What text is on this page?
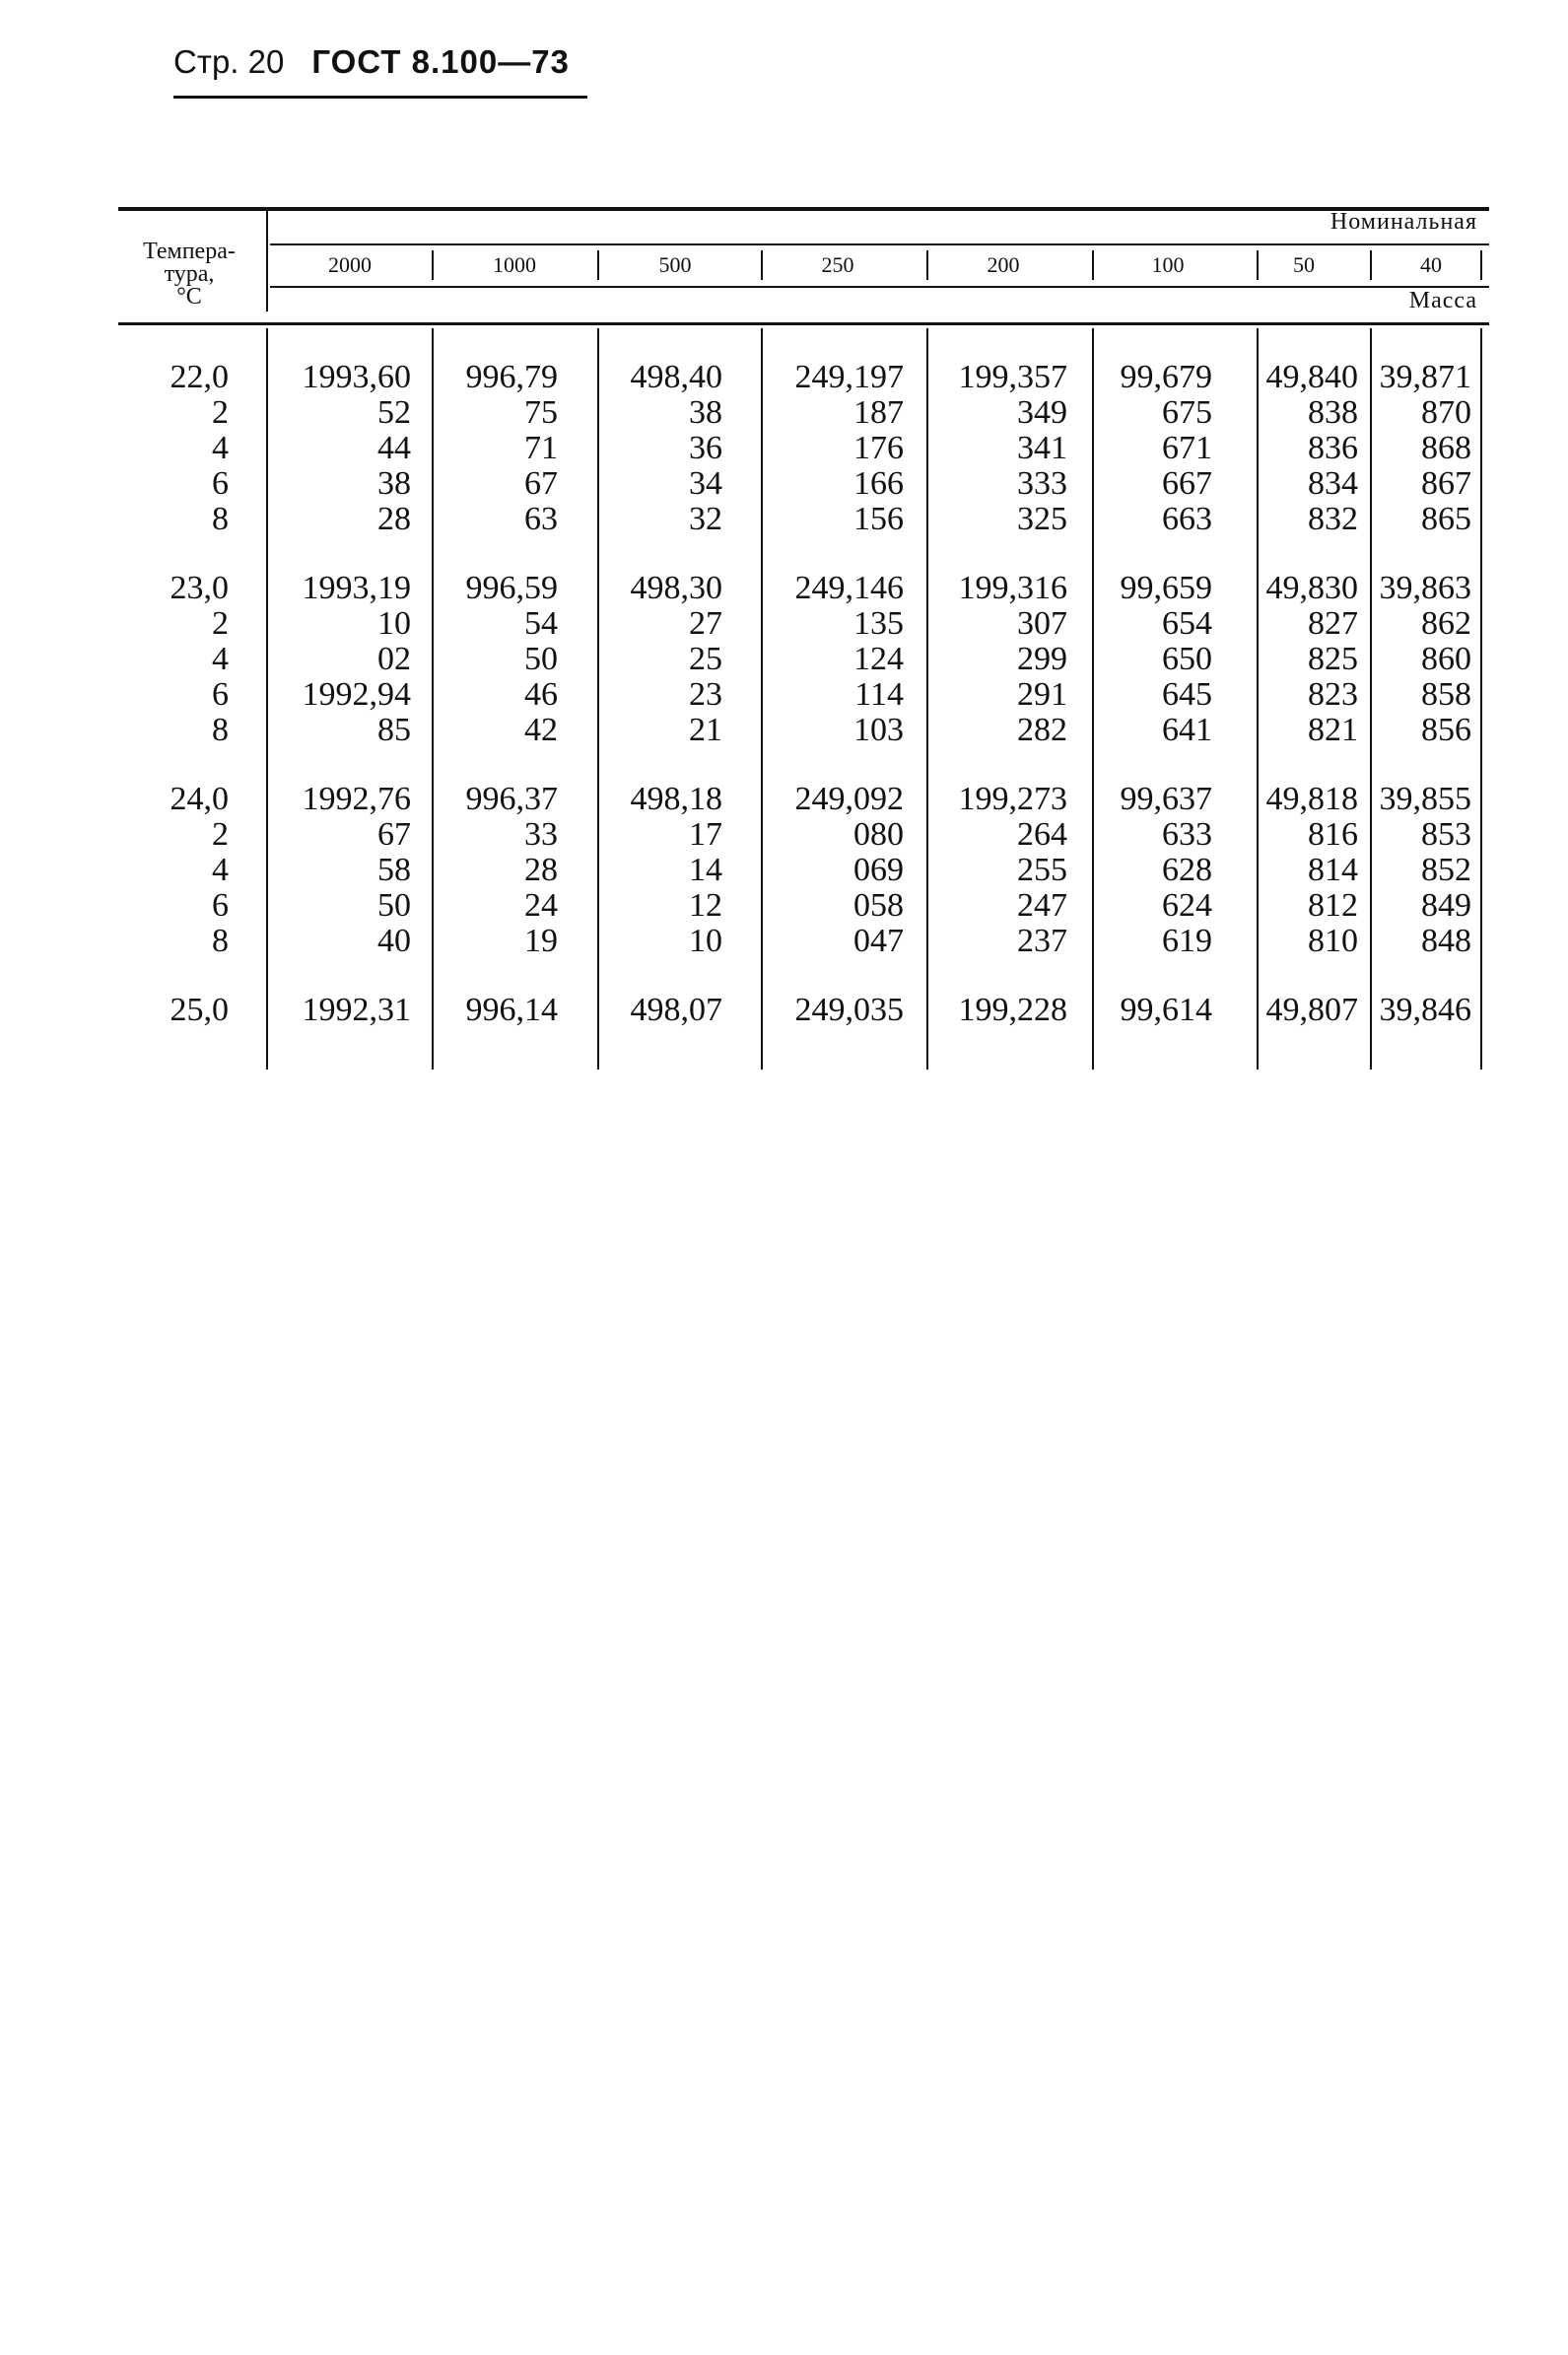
Стр. 20 ГОСТ 8.100—73
Номинальная
Масса
Темпера-
тура,
°С
2000	1000	500	250	200	100	50	40
22,0	1993,60	996,79	498,40	249,197	199,357	99,679	49,840 39,871
2	52	75	38	187	349	675	838	870
4	44	71	36	176	341	671	836	868
6	38	67	34	166	333	667	834	867
8	28	63	32	156	325	663	832	865
23,0	1993,19	996,59	498,30	249,146	199,316	99,659	49,830 39,863
2	10	54	27	135	307	654	827	862
4	02	50	25	124	299	650	825	860
6	1992,94	46	23	114	291	645	823	858
8	85	42	21	103	282	641	821	856
24,0	1992,76	996,37	498,18	249,092	199,273	99,637	49,818 39,855
2	67	33	17	080	264	633	816	853
4	58	28	14	069	255	628	814	852
6	50	24	12	058	247	624	812	849
8	40	19	10	047	237	619	810	848
25,0	1992,31	996,14	498,07	249,035	199,228	99,614	49,807 39,846
